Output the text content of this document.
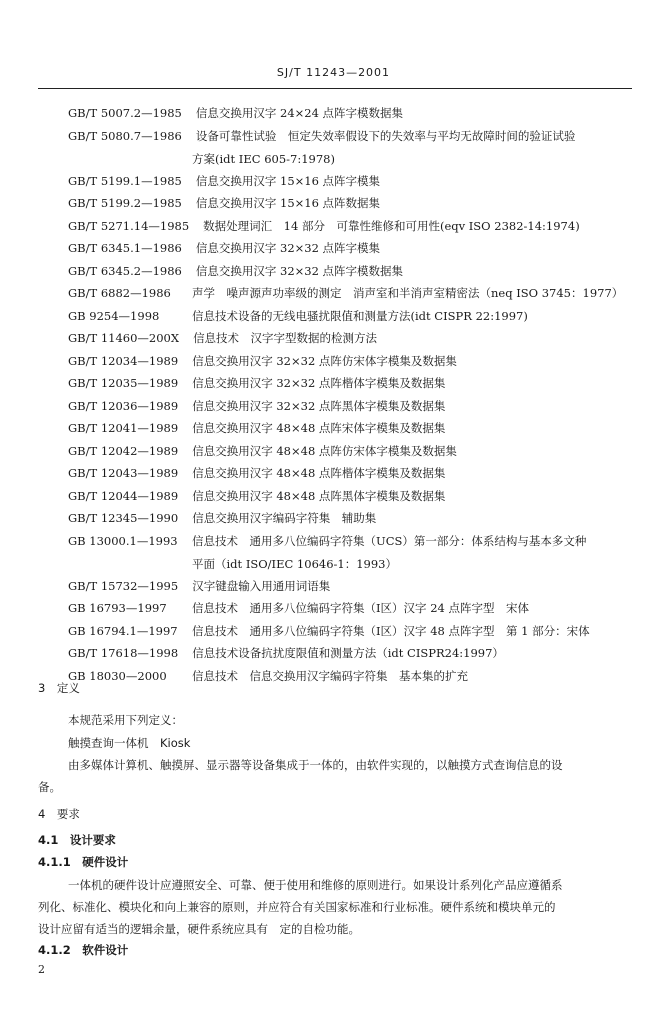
SJ/T 11243—2001
GB/T 5007.2—1985 信息交换用汉字 24×24 点阵字模数据集
GB/T 5080.7—1986 设备可靠性试验　恒定失效率假设下的失效率与平均无故障时间的验证试验
方案(idt IEC 605-7:1978)
GB/T 5199.1—1985 信息交换用汉字 15×16 点阵字模集
GB/T 5199.2—1985 信息交换用汉字 15×16 点阵数据集
GB/T 5271.14—1985 数据处理词汇　14 部分　可靠性维修和可用性(eqv ISO 2382-14:1974)
GB/T 6345.1—1986 信息交换用汉字 32×32 点阵字模集
GB/T 6345.2—1986 信息交换用汉字 32×32 点阵字模数据集
GB/T 6882—1986 声学　噪声源声功率级的测定　消声室和半消声室精密法（neq ISO 3745：1977）
GB 9254—1998	信息技术设备的无线电骚扰限值和测量方法(idt CISPR 22:1997)
GB/T 11460—200X 信息技术　汉字字型数据的检测方法
GB/T 12034—1989 信息交换用汉字 32×32 点阵仿宋体字模集及数据集
GB/T 12035—1989 信息交换用汉字 32×32 点阵楷体字模集及数据集
GB/T 12036—1989 信息交换用汉字 32×32 点阵黑体字模集及数据集
GB/T 12041—1989 信息交换用汉字 48×48 点阵宋体字模集及数据集
GB/T 12042—1989 信息交换用汉字 48×48 点阵仿宋体字模集及数据集
GB/T 12043—1989 信息交换用汉字 48×48 点阵楷体字模集及数据集
GB/T 12044—1989 信息交换用汉字 48×48 点阵黑体字模集及数据集
GB/T 12345—1990 信息交换用汉字编码字符集　辅助集
GB 13000.1—1993 信息技术　通用多八位编码字符集（UCS）第一部分：体系结构与基本多文种
平面（idt ISO/IEC 10646-1：1993）
GB/T 15732—1995 汉字键盘输入用通用词语集
GB 16793—1997 信息技术　通用多八位编码字符集（Ⅰ区）汉字 24 点阵字型　宋体
GB 16794.1—1997 信息技术　通用多八位编码字符集（Ⅰ区）汉字 48 点阵字型　第 1 部分：宋体
GB/T 17618—1998 信息技术设备抗扰度限值和测量方法（idt CISPR24:1997）
GB 18030—2000 信息技术　信息交换用汉字编码字符集　基本集的扩充
3　定义
本规范采用下列定义：
触摸查询一体机　Kiosk
由多媒体计算机、触摸屏、显示器等设备集成于一体的，由软件实现的，以触摸方式查询信息的设
备。
4　要求
4.1　设计要求
4.1.1　硬件设计
一体机的硬件设计应遵照安全、可靠、便于使用和维修的原则进行。如果设计系列化产品应遵循系
列化、标准化、模块化和向上兼容的原则，并应符合有关国家标准和行业标准。硬件系统和模块单元的
设计应留有适当的逻辑余量，硬件系统应具有　定的自检功能。
4.1.2　软件设计
2
